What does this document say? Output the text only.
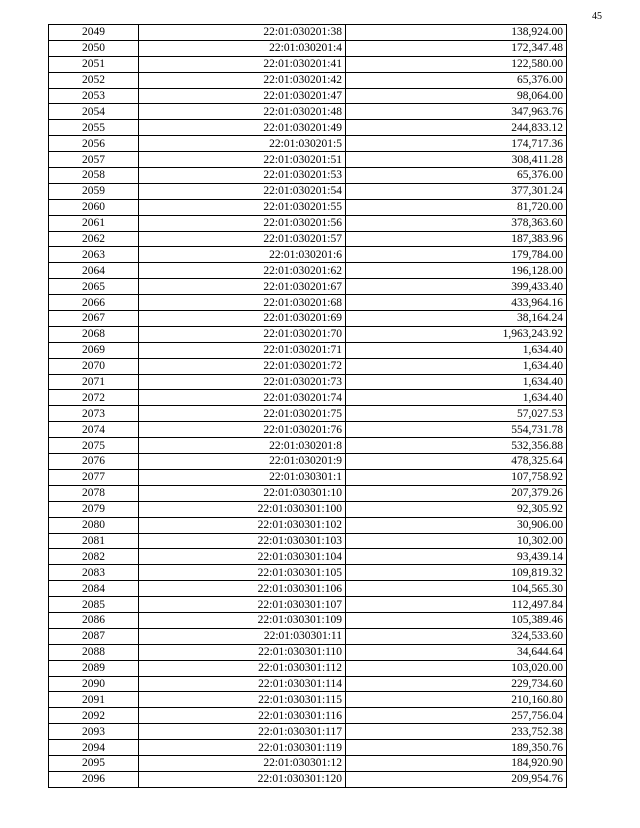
45
2049	22:01:030201:38	138,924.00
2050	22:01:030201:4	172,347.48
2051	22:01:030201:41	122,580.00
2052	22:01:030201:42	65,376.00
2053	22:01:030201:47	98,064.00
2054	22:01:030201:48	347,963.76
2055	22:01:030201:49	244,833.12
2056	22:01:030201:5	174,717.36
2057	22:01:030201:51	308,411.28
2058	22:01:030201:53	65,376.00
2059	22:01:030201:54	377,301.24
2060	22:01:030201:55	81,720.00
2061	22:01:030201:56	378,363.60
2062	22:01:030201:57	187,383.96
2063	22:01:030201:6	179,784.00
2064	22:01:030201:62	196,128.00
2065	22:01:030201:67	399,433.40
2066	22:01:030201:68	433,964.16
2067	22:01:030201:69	38,164.24
2068	22:01:030201:70	1,963,243.92
2069	22:01:030201:71	1,634.40
2070	22:01:030201:72	1,634.40
2071	22:01:030201:73	1,634.40
2072	22:01:030201:74	1,634.40
2073	22:01:030201:75	57,027.53
2074	22:01:030201:76	554,731.78
2075	22:01:030201:8	532,356.88
2076	22:01:030201:9	478,325.64
2077	22:01:030301:1	107,758.92
2078	22:01:030301:10	207,379.26
2079	22:01:030301:100	92,305.92
2080	22:01:030301:102	30,906.00
2081	22:01:030301:103	10,302.00
2082	22:01:030301:104	93,439.14
2083	22:01:030301:105	109,819.32
2084	22:01:030301:106	104,565.30
2085	22:01:030301:107	112,497.84
2086	22:01:030301:109	105,389.46
2087	22:01:030301:11	324,533.60
2088	22:01:030301:110	34,644.64
2089	22:01:030301:112	103,020.00
2090	22:01:030301:114	229,734.60
2091	22:01:030301:115	210,160.80
2092	22:01:030301:116	257,756.04
2093	22:01:030301:117	233,752.38
2094	22:01:030301:119	189,350.76
2095	22:01:030301:12	184,920.90
2096	22:01:030301:120	209,954.76
